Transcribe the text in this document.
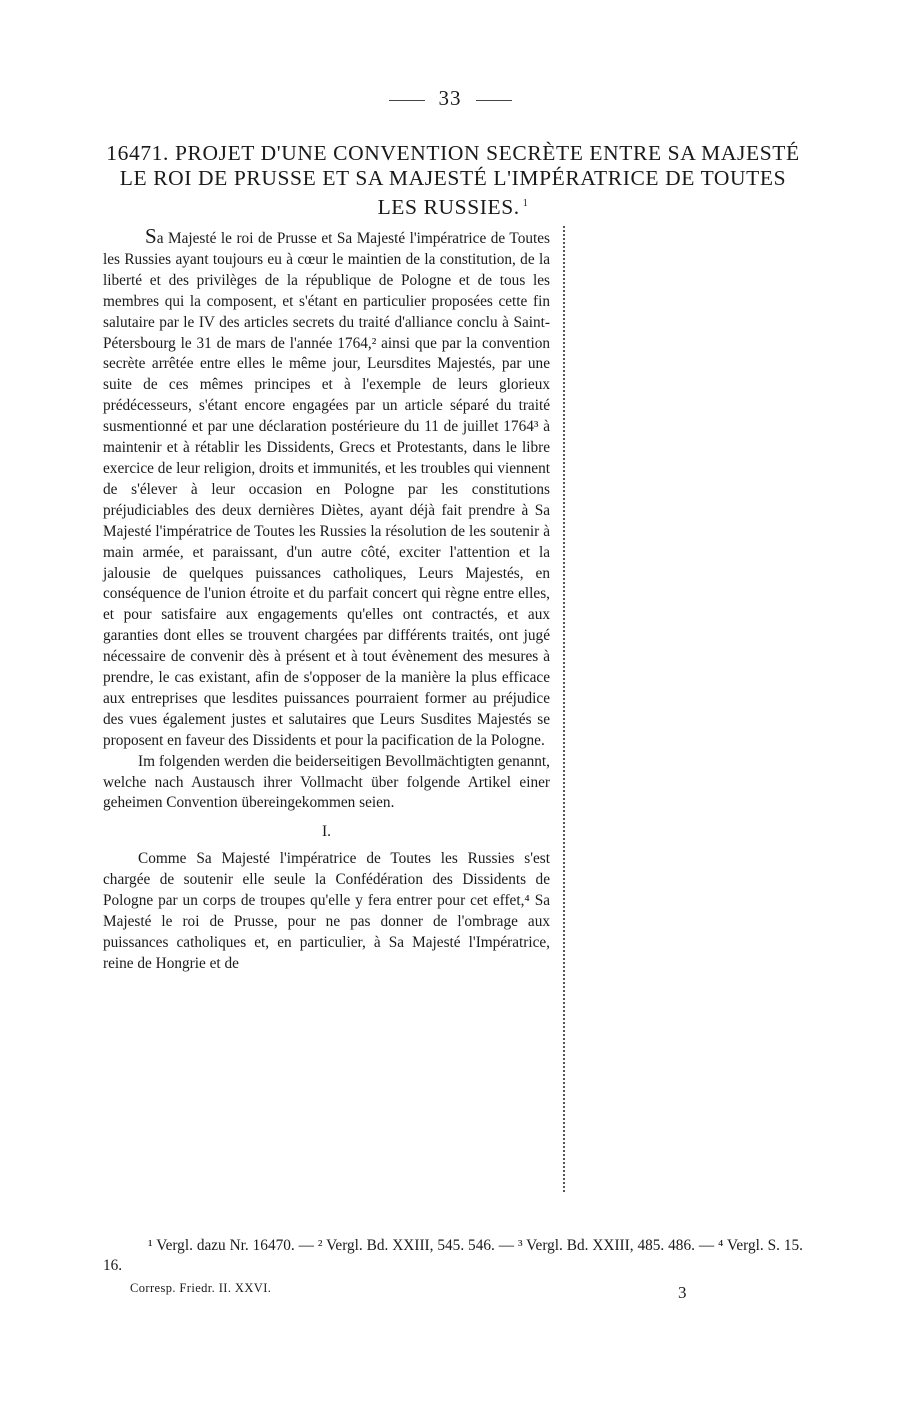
33
16471. PROJET D'UNE CONVENTION SECRÈTE ENTRE SA MAJESTÉ LE ROI DE PRUSSE ET SA MAJESTÉ L'IMPÉRATRICE DE TOUTES LES RUSSIES. $^1$

Sa Majesté le roi de Prusse et Sa Majesté l'impératrice de Toutes les Russies ayant toujours eu à cœur le maintien de la constitution, de la liberté et des privilèges de la république de Pologne et de tous les membres qui la composent, et s'étant en particulier proposées cette fin salutaire par le IV des articles secrets du traité d'alliance conclu à Saint-Pétersbourg le 31 de mars de l'année 1764,² ainsi que par la convention secrète arrêtée entre elles le même jour, Leursdites Majestés, par une suite de ces mêmes principes et à l'exemple de leurs glorieux prédécesseurs, s'étant encore engagées par un article séparé du traité susmentionné et par une déclaration postérieure du 11 de juillet 1764³ à maintenir et à rétablir les Dissidents, Grecs et Protestants, dans le libre exercice de leur religion, droits et immunités, et les troubles qui viennent de s'élever à leur occasion en Pologne par les constitutions préjudiciables des deux dernières Diètes, ayant déjà fait prendre à Sa Majesté l'impératrice de Toutes les Russies la résolution de les soutenir à main armée, et paraissant, d'un autre côté, exciter l'attention et la jalousie de quelques puissances catholiques, Leurs Majestés, en conséquence de l'union étroite et du parfait concert qui règne entre elles, et pour satisfaire aux engagements qu'elles ont contractés, et aux garanties dont elles se trouvent chargées par différents traités, ont jugé nécessaire de convenir dès à présent et à tout évènement des mesures à prendre, le cas existant, afin de s'opposer de la manière la plus efficace aux entreprises que lesdites puissances pourraient former au préjudice des vues également justes et salutaires que Leurs Susdites Majestés se proposent en faveur des Dissidents et pour la pacification de la Pologne.

Im folgenden werden die beiderseitigen Bevollmächtigten genannt, welche nach Austausch ihrer Vollmacht über folgende Artikel einer geheimen Convention übereingekommen seien.

I.

Comme Sa Majesté l'impératrice de Toutes les Russies s'est chargée de soutenir elle seule la Confédération des Dissidents de Pologne par un corps de troupes qu'elle y fera entrer pour cet effet,⁴ Sa Majesté le roi de Prusse, pour ne pas donner de l'ombrage aux puissances catholiques et, en particulier, à Sa Majesté l'Impératrice, reine de Hongrie et de

¹ Vergl. dazu Nr. 16470. — ² Vergl. Bd. XXIII, 545. 546. — ³ Vergl. Bd. XXIII, 485. 486. — ⁴ Vergl. S. 15. 16.

Corresp. Friedr. II. XXVI.	3
